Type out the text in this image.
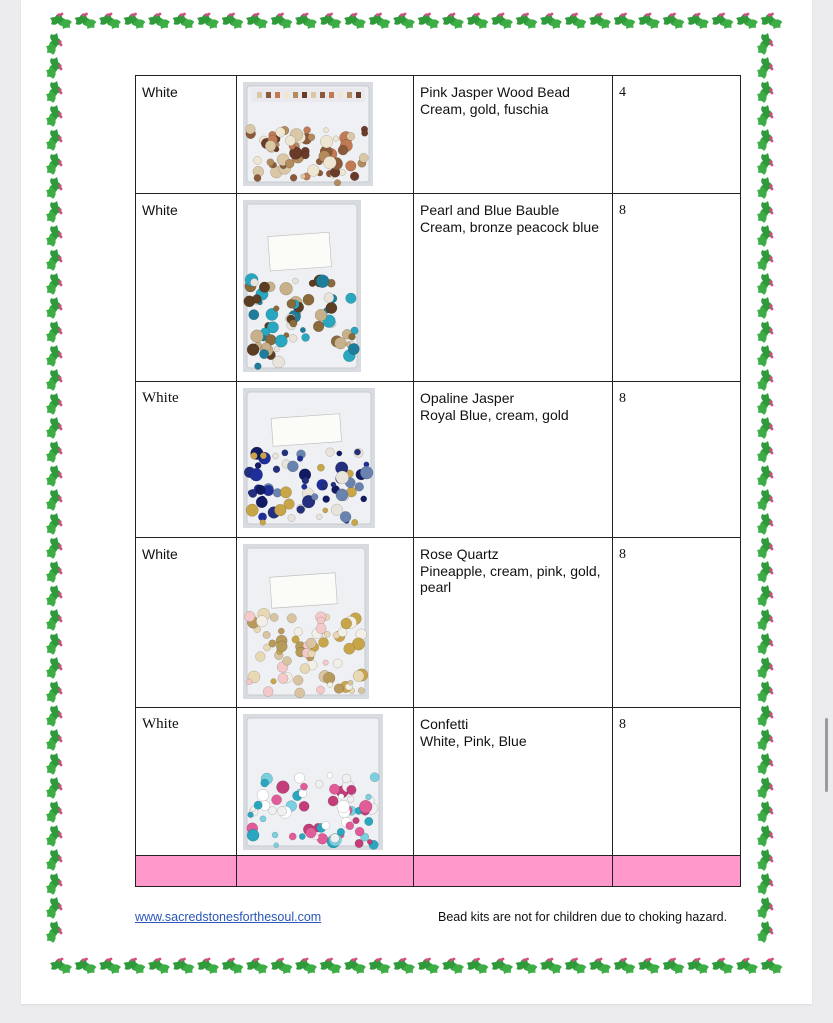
White		Pink Jasper Wood Bead
Cream, gold, fuschia	4

White		Pearl and Blue Bauble
Cream, bronze peacock blue	8

White		Opaline Jasper
Royal Blue, cream, gold	8

White		Rose Quartz
Pineapple, cream, pink, gold,
pearl	8

White		Confetti
White, Pink, Blue	8

www.sacredstonesforthesoul.com	Bead kits are not for children due to choking hazard.
